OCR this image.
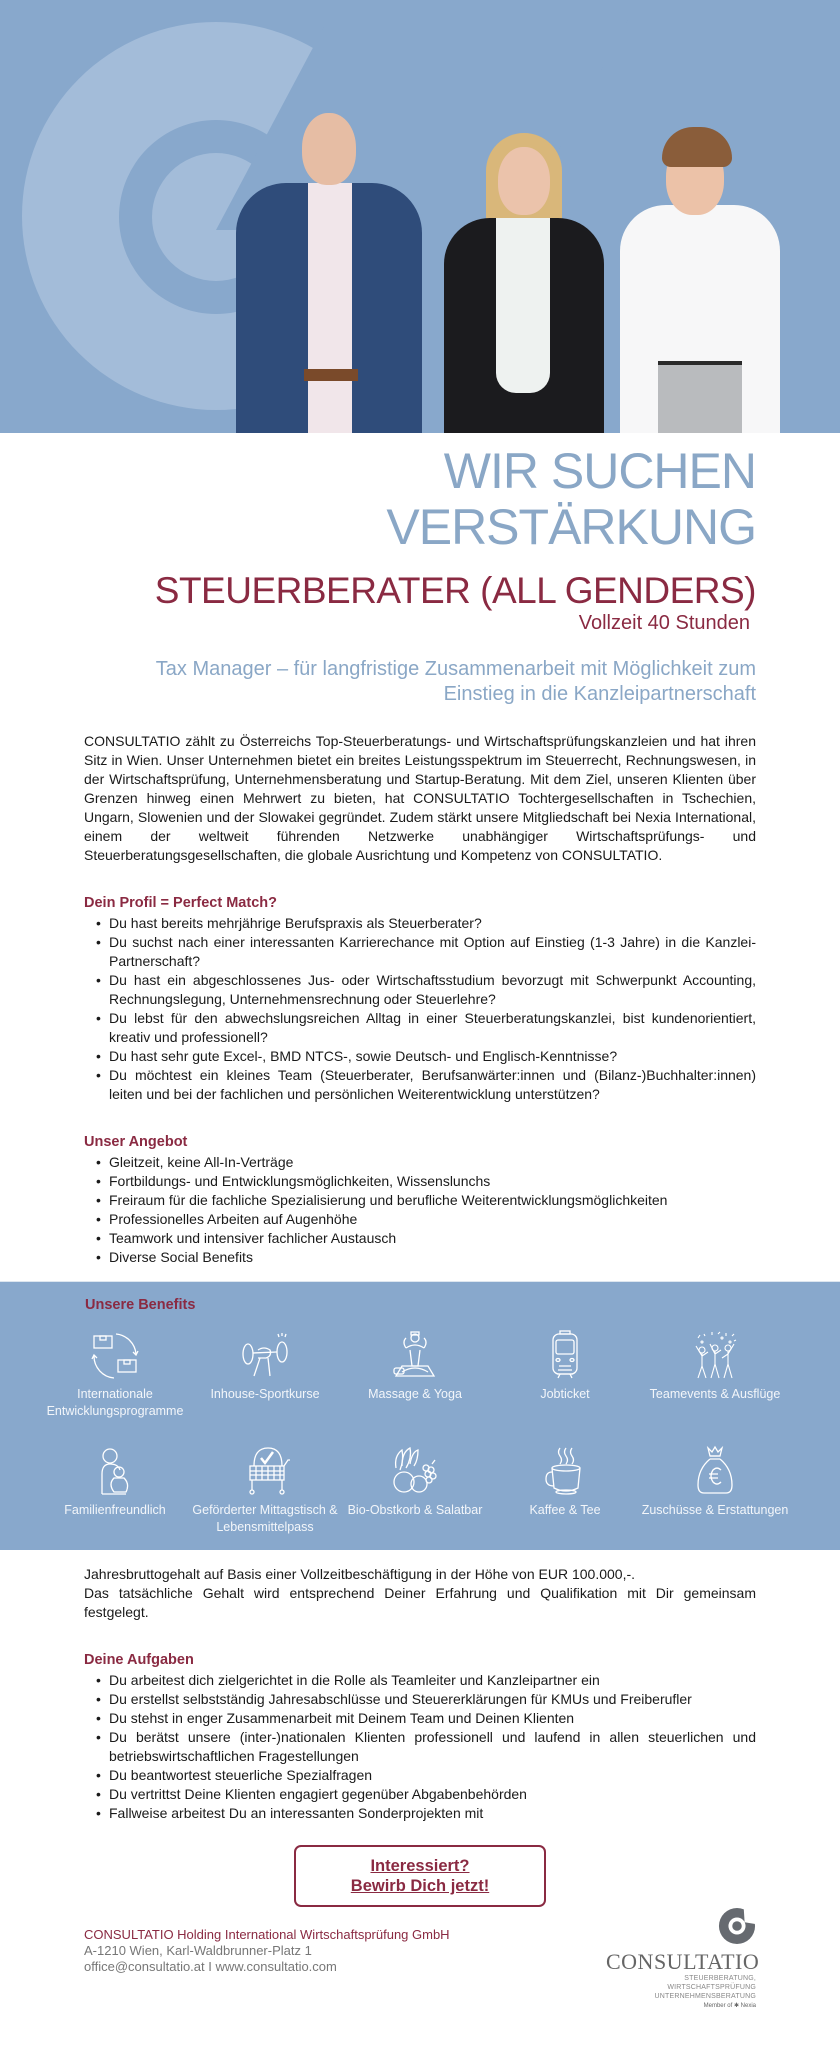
WIR SUCHEN VERSTÄRKUNG
STEUERBERATER (ALL GENDERS)
Vollzeit 40 Stunden
Tax Manager – für langfristige Zusammenarbeit mit Möglichkeit zum
Einstieg in die Kanzleipartnerschaft

CONSULTATIO zählt zu Österreichs Top-Steuerberatungs- und Wirtschaftsprüfungskanzleien und hat ihren Sitz in Wien. Unser Unternehmen bietet ein breites Leistungsspektrum im Steuerrecht, Rechnungswesen, in der Wirtschaftsprüfung, Unternehmensberatung und Startup-Beratung. Mit dem Ziel, unseren Klienten über Grenzen hinweg einen Mehrwert zu bieten, hat CONSULTATIO Tochtergesellschaften in Tschechien, Ungarn, Slowenien und der Slowakei gegründet. Zudem stärkt unsere Mitgliedschaft bei Nexia International, einem der weltweit führenden Netzwerke unabhängiger Wirtschaftsprüfungs- und Steuerberatungsgesellschaften, die globale Ausrichtung und Kompetenz von CONSULTATIO.

Dein Profil = Perfect Match?
• Du hast bereits mehrjährige Berufspraxis als Steuerberater?
• Du suchst nach einer interessanten Karrierechance mit Option auf Einstieg (1-3 Jahre) in die Kanzlei-Partnerschaft?
• Du hast ein abgeschlossenes Jus- oder Wirtschaftsstudium bevorzugt mit Schwerpunkt Accounting, Rechnungslegung, Unternehmensrechnung oder Steuerlehre?
• Du lebst für den abwechslungsreichen Alltag in einer Steuerberatungskanzlei, bist kundenorientiert, kreativ und professionell?
• Du hast sehr gute Excel-, BMD NTCS-, sowie Deutsch- und Englisch-Kenntnisse?
• Du möchtest ein kleines Team (Steuerberater, Berufsanwärter:innen und (Bilanz-)Buchhalter:innen) leiten und bei der fachlichen und persönlichen Weiterentwicklung unterstützen?
Unser Angebot
• Gleitzeit, keine All-In-Verträge
• Fortbildungs- und Entwicklungsmöglichkeiten, Wissenslunchs
• Freiraum für die fachliche Spezialisierung und berufliche Weiterentwicklungsmöglichkeiten
• Professionelles Arbeiten auf Augenhöhe
• Teamwork und intensiver fachlicher Austausch
• Diverse Social Benefits
Unsere Benefits
Internationale Entwicklungsprogramme
Inhouse-Sportkurse	Massage & Yoga	Jobticket	Teamevents & Ausflüge
Familienfreundlich	Geförderter Mittagstisch & Lebensmittelpass
Bio-Obstkorb & Salatbar	Kaffee & Tee	Zuschüsse & Erstattungen
Jahresbruttogehalt auf Basis einer Vollzeitbeschäftigung in der Höhe von EUR 100.000,-.
Das tatsächliche Gehalt wird entsprechend Deiner Erfahrung und Qualifikation mit Dir gemeinsam festgelegt.
Deine Aufgaben
• Du arbeitest dich zielgerichtet in die Rolle als Teamleiter und Kanzleipartner ein
• Du erstellst selbstständig Jahresabschlüsse und Steuererklärungen für KMUs und Freiberufler
• Du stehst in enger Zusammenarbeit mit Deinem Team und Deinen Klienten
• Du berätst unsere (inter-)nationalen Klienten professionell und laufend in allen steuerlichen und betriebswirtschaftlichen Fragestellungen
• Du beantwortest steuerliche Spezialfragen
• Du vertrittst Deine Klienten engagiert gegenüber Abgabenbehörden
• Fallweise arbeitest Du an interessanten Sonderprojekten mit
Interessiert?
Bewirb Dich jetzt!
CONSULTATIO Holding International Wirtschaftsprüfung GmbH
A-1210 Wien, Karl-Waldbrunner-Platz 1
office@consultatio.at I www.consultatio.com	CONSULTATIO
STEUERBERATUNG, WIRTSCHAFTSPRÜFUNG
UNTERNEHMENSBERATUNG
Member of ✱ Nexia
